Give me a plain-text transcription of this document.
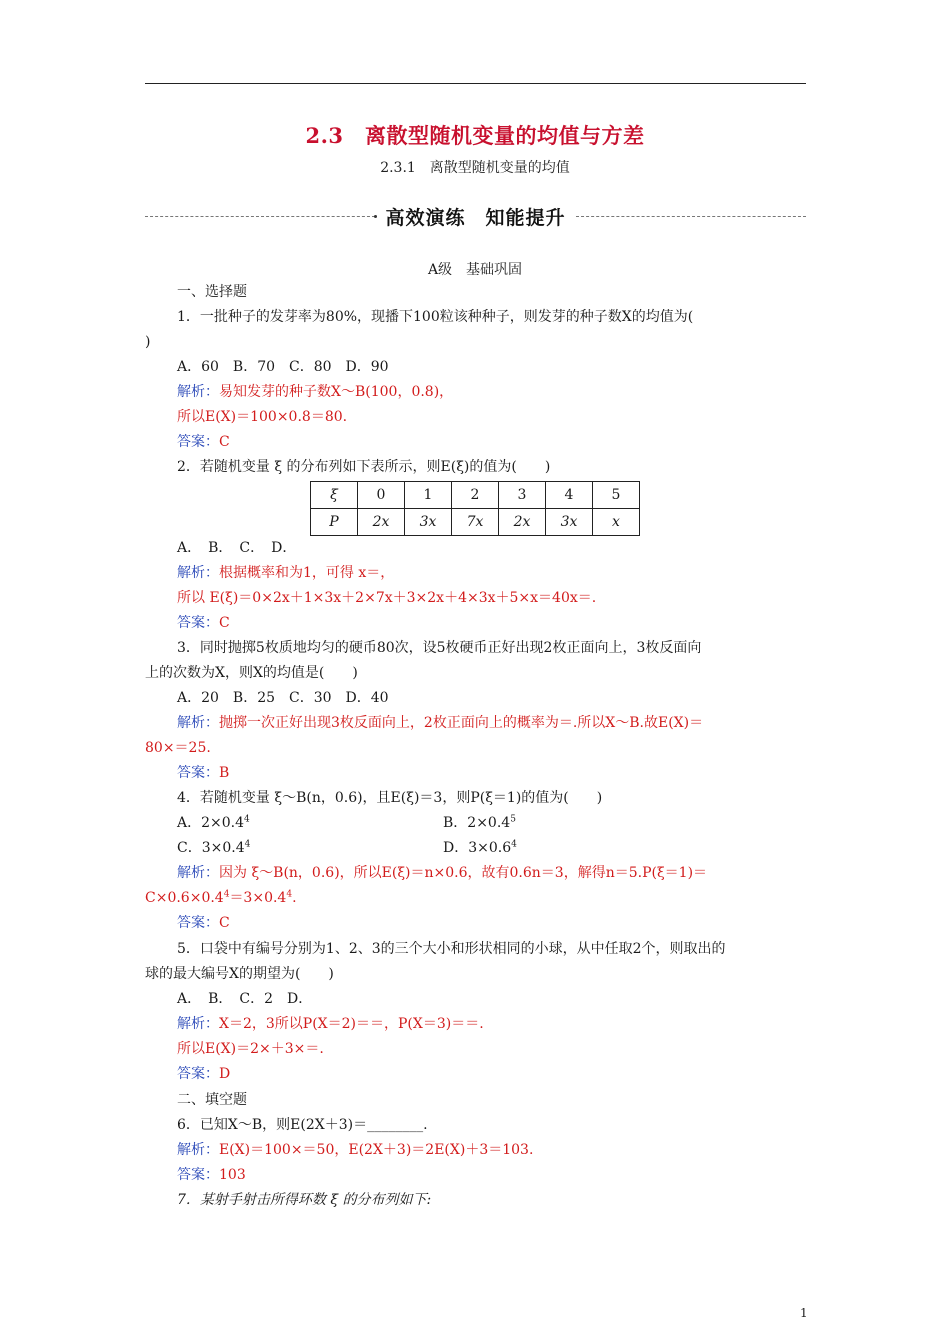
2.3　离散型随机变量的均值与方差
2.3.1　离散型随机变量的均值
高效演练　知能提升
A级　基础巩固
一、选择题
1．一批种子的发芽率为80%，现播下100粒该种种子，则发芽的种子数X的均值为(
)
A．60　B．70　C．80　D．90
解析：易知发芽的种子数X～B(100，0.8)，
所以E(X)＝100×0.8＝80.
答案：C
2．若随机变量 ξ 的分布列如下表所示，则E(ξ)的值为(　　)
ξ	0	1	2	3	4	5
P	2x	3x	7x	2x	3x	x
A．　B．　C．　D．
解析：根据概率和为1，可得 x＝，
所以 E(ξ)＝0×2x＋1×3x＋2×7x＋3×2x＋4×3x＋5×x＝40x＝.
答案：C
3．同时抛掷5枚质地均匀的硬币80次，设5枚硬币正好出现2枚正面向上，3枚反面向
上的次数为X，则X的均值是(　　)
A．20　B．25　C．30　D．40
解析：抛掷一次正好出现3枚反面向上，2枚正面向上的概率为＝.所以X～B.故E(X)＝
80×＝25.
答案：B
4．若随机变量 ξ～B(n，0.6)，且E(ξ)＝3，则P(ξ＝1)的值为(　　)
A．$2\times 0.4^4$	B．$2\times 0.4^5$
C．$3\times 0.4^4$	D．$3\times 0.6^4$
解析：因为 ξ～B(n，0.6)，所以E(ξ)＝n×0.6，故有0.6n＝3，解得n＝5.P(ξ＝1)＝
$C\times 0.6\times 0.4^4=3\times 0.4^4$.
答案：C
5．口袋中有编号分别为1、2、3的三个大小和形状相同的小球，从中任取2个，则取出的
球的最大编号X的期望为(　　)
A．　B．　C．2　D．
解析：X＝2，3所以P(X＝2)＝＝，P(X＝3)＝＝.
所以E(X)＝2×＋3×＝.
答案：D
二、填空题
6．已知X～B，则E(2X＋3)＝________.
解析：E(X)＝100×＝50，E(2X＋3)＝2E(X)＋3＝103.
答案：103
7．某射手射击所得环数 ξ 的分布列如下:
1
